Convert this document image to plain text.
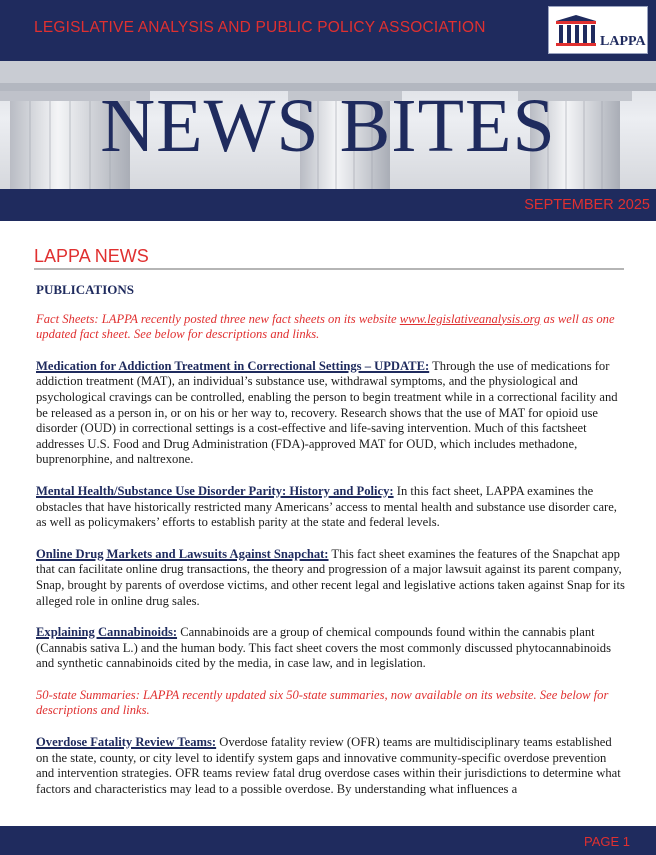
LEGISLATIVE ANALYSIS AND PUBLIC POLICY ASSOCIATION
LAPPA
NEWS BITES
SEPTEMBER 2025
LAPPA NEWS

PUBLICATIONS

Fact Sheets: LAPPA recently posted three new fact sheets on its website www.legislativeanalysis.org as well as one updated fact sheet. See below for descriptions and links.

Medication for Addiction Treatment in Correctional Settings – UPDATE: Through the use of medications for addiction treatment (MAT), an individual’s substance use, withdrawal symptoms, and the physiological and psychological cravings can be controlled, enabling the person to begin treatment while in a correctional facility and be released as a person in, or on his or her way to, recovery. Research shows that the use of MAT for opioid use disorder (OUD) in correctional settings is a cost-effective and life-saving intervention. Much of this factsheet addresses U.S. Food and Drug Administration (FDA)-approved MAT for OUD, which includes methadone, buprenorphine, and naltrexone.

Mental Health/Substance Use Disorder Parity: History and Policy: In this fact sheet, LAPPA examines the obstacles that have historically restricted many Americans’ access to mental health and substance use disorder care, as well as policymakers’ efforts to establish parity at the state and federal levels.

Online Drug Markets and Lawsuits Against Snapchat: This fact sheet examines the features of the Snapchat app that can facilitate online drug transactions, the theory and progression of a major lawsuit against its parent company, Snap, brought by parents of overdose victims, and other recent legal and legislative actions taken against Snap for its alleged role in online drug sales.

Explaining Cannabinoids: Cannabinoids are a group of chemical compounds found within the cannabis plant (Cannabis sativa L.) and the human body. This fact sheet covers the most commonly discussed phytocannabinoids and synthetic cannabinoids cited by the media, in case law, and in legislation.

50-state Summaries: LAPPA recently updated six 50-state summaries, now available on its website. See below for descriptions and links.

Overdose Fatality Review Teams: Overdose fatality review (OFR) teams are multidisciplinary teams established on the state, county, or city level to identify system gaps and innovative community-specific overdose prevention and intervention strategies. OFR teams review fatal drug overdose cases within their jurisdictions to determine what factors and characteristics may lead to a possible overdose. By understanding what influences a

PAGE 1
